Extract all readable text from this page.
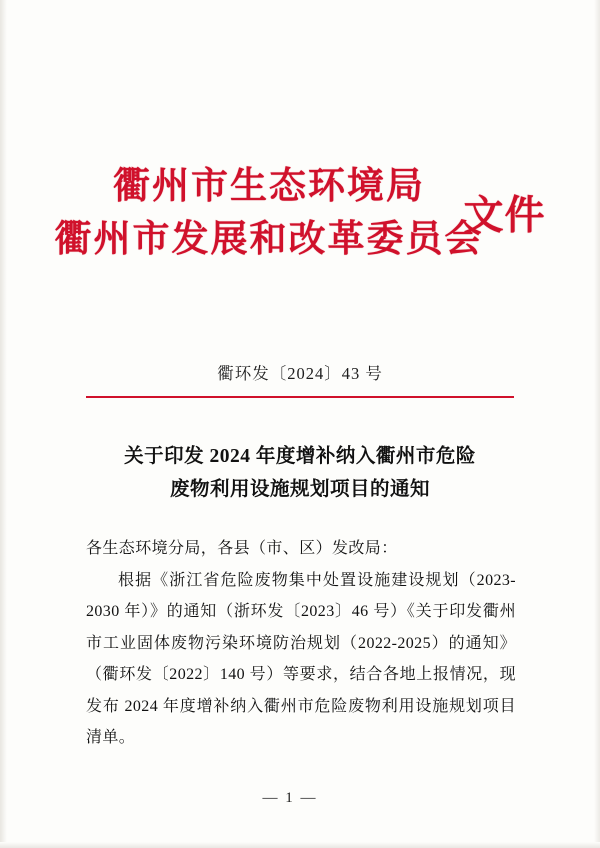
衢州市生态环境局
衢州市发展和改革委员会
文件
衢环发〔2024〕43 号
关于印发 2024 年度增补纳入衢州市危险
废物利用设施规划项目的通知
各生态环境分局，各县（市、区）发改局：
根据《浙江省危险废物集中处置设施建设规划（2023-2030 年）》的通知（浙环发〔2023〕46 号）《关于印发衢州市工业固体废物污染环境防治规划（2022-2025）的通知》（衢环发〔2022〕140 号）等要求，结合各地上报情况，现发布 2024 年度增补纳入衢州市危险废物利用设施规划项目清单。
— 1 —
